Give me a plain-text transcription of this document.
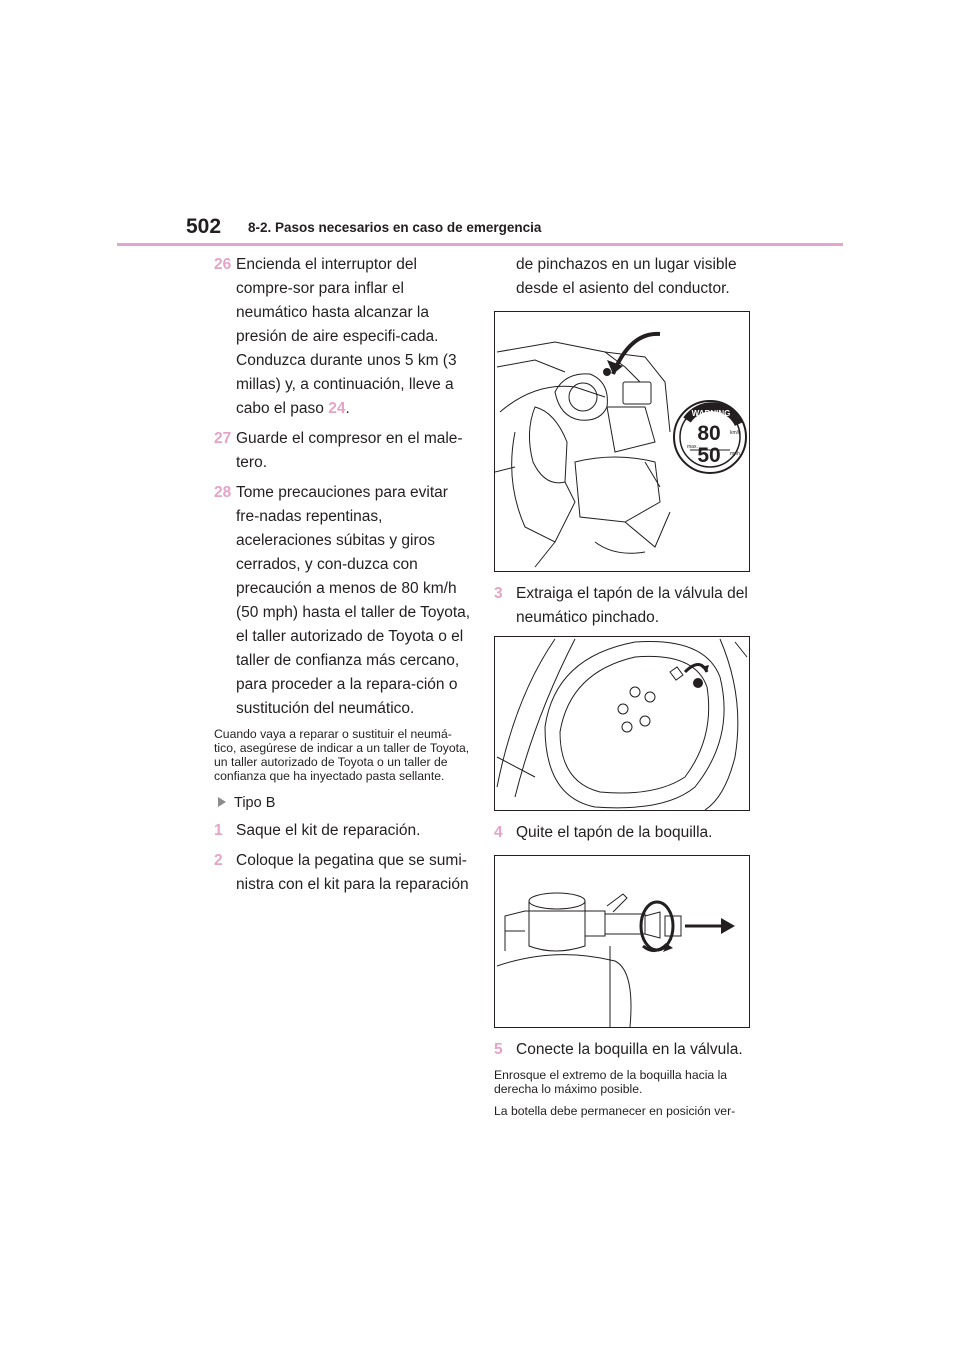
502 8-2. Pasos necesarios en caso de emergencia
26 Encienda el interruptor del compre-sor para inflar el neumático hasta alcanzar la presión de aire especifi-cada. Conduzca durante unos 5 km (3 millas) y, a continuación, lleve a cabo el paso 24.
27 Guarde el compresor en el male-tero.
28 Tome precauciones para evitar fre-nadas repentinas, aceleraciones súbitas y giros cerrados, y con-duzca con precaución a menos de 80 km/h (50 mph) hasta el taller de Toyota, el taller autorizado de Toyota o el taller de confianza más cercano, para proceder a la repara-ción o sustitución del neumático.
Cuando vaya a reparar o sustituir el neumá-tico, asegúrese de indicar a un taller de Toyota, un taller autorizado de Toyota o un taller de confianza que ha inyectado pasta sellante.
Tipo B
1 Saque el kit de reparación.
2 Coloque la pegatina que se sumi-nistra con el kit para la reparación
de pinchazos en un lugar visible desde el asiento del conductor.
WARNING
80
50
km/h
mph
max.
3 Extraiga el tapón de la válvula del neumático pinchado.
4 Quite el tapón de la boquilla.
5 Conecte la boquilla en la válvula.
Enrosque el extremo de la boquilla hacia la derecha lo máximo posible.
La botella debe permanecer en posición ver-
